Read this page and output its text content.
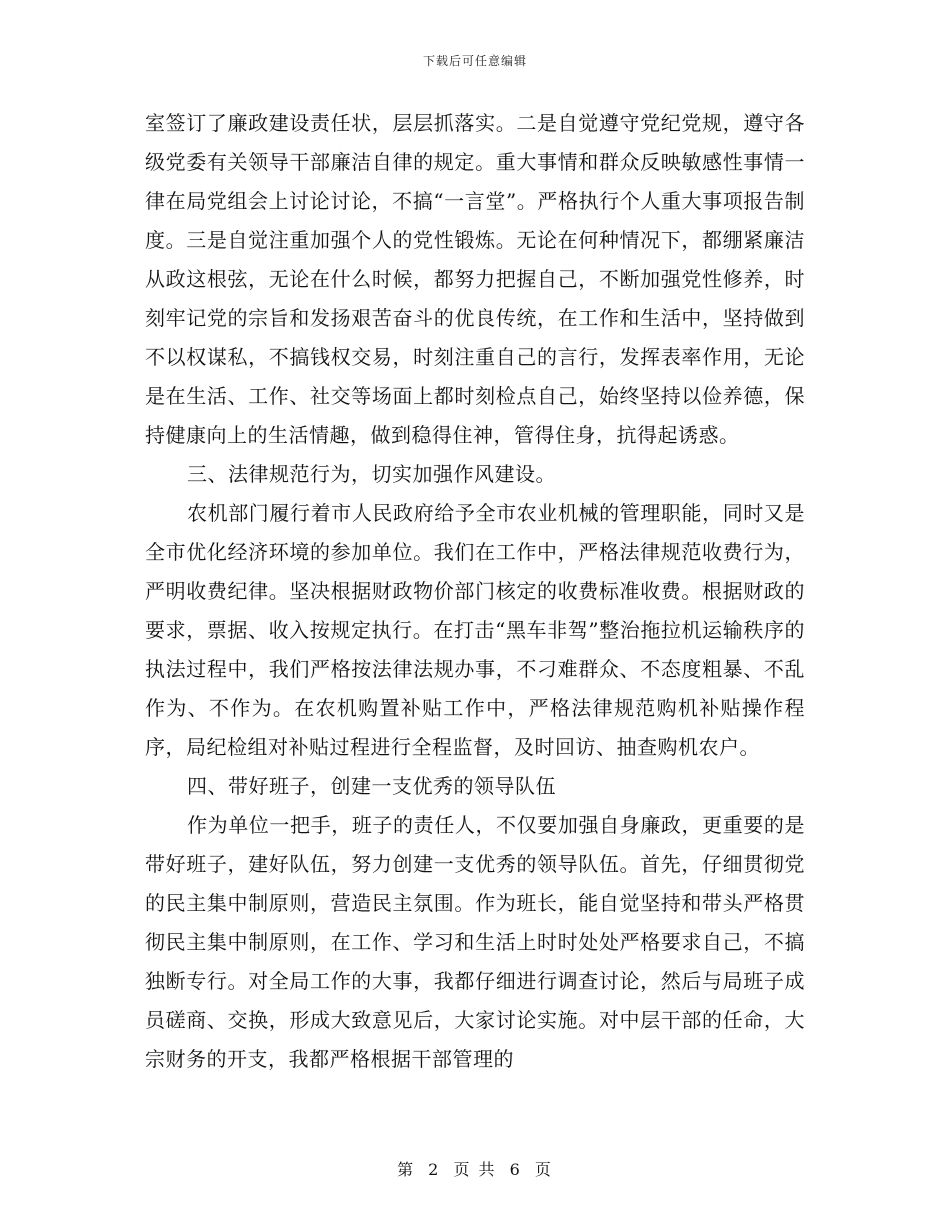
下载后可任意编辑

室签订了廉政建设责任状，层层抓落实。二是自觉遵守党纪党规，遵守各级党委有关领导干部廉洁自律的规定。重大事情和群众反映敏感性事情一律在局党组会上讨论讨论，不搞“一言堂”。严格执行个人重大事项报告制度。三是自觉注重加强个人的党性锻炼。无论在何种情况下，都绷紧廉洁从政这根弦，无论在什么时候，都努力把握自己，不断加强党性修养，时刻牢记党的宗旨和发扬艰苦奋斗的优良传统，在工作和生活中，坚持做到不以权谋私，不搞钱权交易，时刻注重自己的言行，发挥表率作用，无论是在生活、工作、社交等场面上都时刻检点自己，始终坚持以俭养德，保持健康向上的生活情趣，做到稳得住神，管得住身，抗得起诱惑。

三、法律规范行为，切实加强作风建设。

农机部门履行着市人民政府给予全市农业机械的管理职能，同时又是全市优化经济环境的参加单位。我们在工作中，严格法律规范收费行为，严明收费纪律。坚决根据财政物价部门核定的收费标准收费。根据财政的要求，票据、收入按规定执行。在打击“黑车非驾”整治拖拉机运输秩序的执法过程中，我们严格按法律法规办事，不刁难群众、不态度粗暴、不乱作为、不作为。在农机购置补贴工作中，严格法律规范购机补贴操作程序，局纪检组对补贴过程进行全程监督，及时回访、抽查购机农户。

四、带好班子，创建一支优秀的领导队伍

作为单位一把手，班子的责任人，不仅要加强自身廉政，更重要的是带好班子，建好队伍，努力创建一支优秀的领导队伍。首先，仔细贯彻党的民主集中制原则，营造民主氛围。作为班长，能自觉坚持和带头严格贯彻民主集中制原则，在工作、学习和生活上时时处处严格要求自己，不搞独断专行。对全局工作的大事，我都仔细进行调查讨论，然后与局班子成员磋商、交换，形成大致意见后，大家讨论实施。对中层干部的任命，大宗财务的开支，我都严格根据干部管理的

第 2 页 共 6 页
